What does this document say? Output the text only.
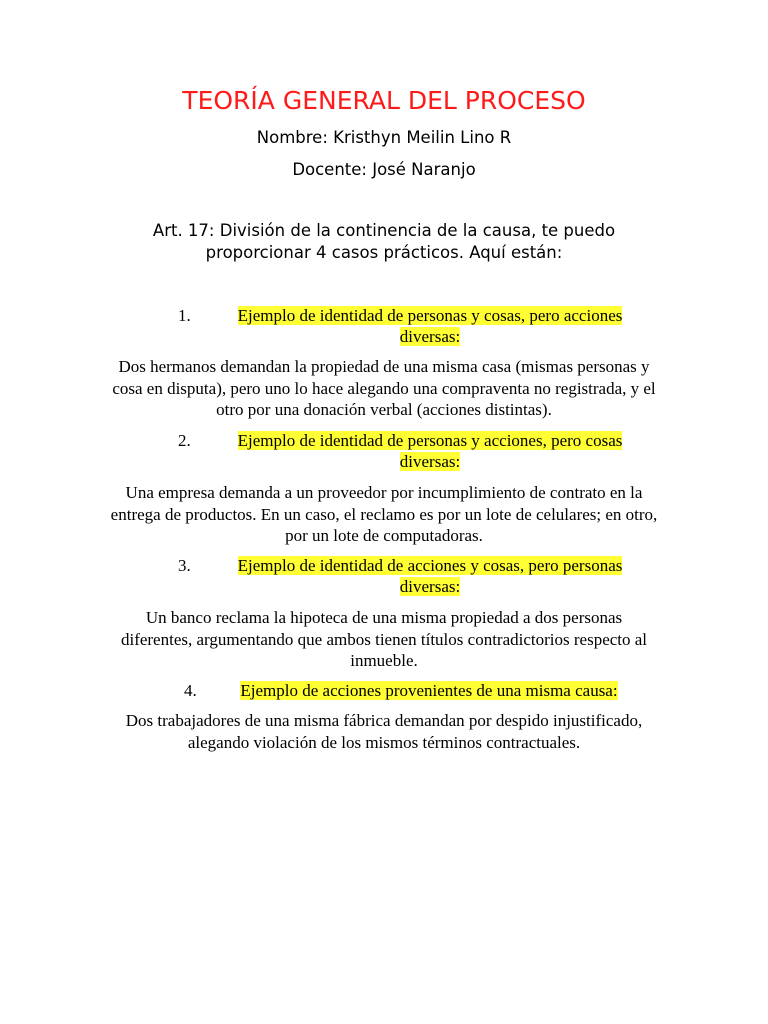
TEORÍA GENERAL DEL PROCESO
Nombre: Kristhyn Meilin Lino R
Docente: José Naranjo
Art. 17: División de la continencia de la causa, te puedo proporcionar 4 casos prácticos. Aquí están:
1.	Ejemplo de identidad de personas y cosas, pero acciones diversas:
Dos hermanos demandan la propiedad de una misma casa (mismas personas y cosa en disputa), pero uno lo hace alegando una compraventa no registrada, y el otro por una donación verbal (acciones distintas).
2.	Ejemplo de identidad de personas y acciones, pero cosas diversas:
Una empresa demanda a un proveedor por incumplimiento de contrato en la entrega de productos. En un caso, el reclamo es por un lote de celulares; en otro, por un lote de computadoras.
3.	Ejemplo de identidad de acciones y cosas, pero personas diversas:
Un banco reclama la hipoteca de una misma propiedad a dos personas diferentes, argumentando que ambos tienen títulos contradictorios respecto al inmueble.
4.	Ejemplo de acciones provenientes de una misma causa:
Dos trabajadores de una misma fábrica demandan por despido injustificado, alegando violación de los mismos términos contractuales.
